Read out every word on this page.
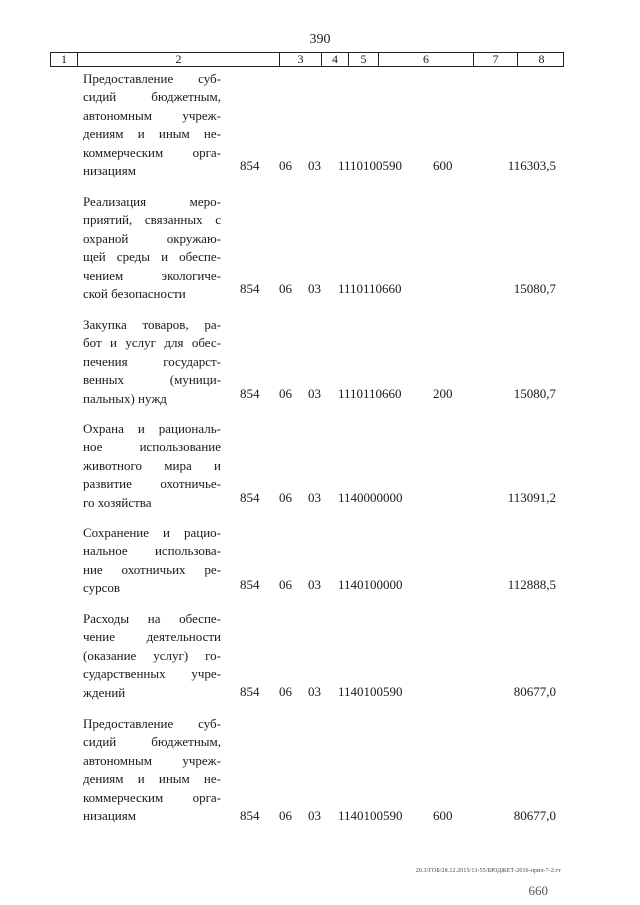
390
1	2	3	4	5	6	7	8
Предоставление суб-
сидий бюджетным,
автономным учреж-
дениям и иным не-
коммерческим орга-
низациям	854 06 03 1110100590 600	116303,5
Реализация меро-
приятий, связанных с
охраной окружаю-
щей среды и обеспе-
чением экологиче-
ской безопасности	854 06 03 1110110660	15080,7
Закупка товаров, ра-
бот и услуг для обес-
печения государст-
венных (муници-
пальных) нужд	854 06 03 1110110660 200	15080,7
Охрана и рациональ-
ное использование
животного мира и
развитие охотничье-
го хозяйства	854 06 03 1140000000	113091,2
Сохранение и рацио-
нальное использова-
ние охотничьих ре-
сурсов	854 06 03 1140100000	112888,5
Расходы на обеспе-
чение деятельности
(оказание услуг) го-
сударственных учре-
ждений	854 06 03 1140100590	80677,0
Предоставление суб-
сидий бюджетным,
автономным учреж-
дениям и иным не-
коммерческим орга-
низациям	854 06 03 1140100590 600	80677,0
20.3/ГОБ/28.12.2015/13-55/БЮДЖЕТ-2016-прил-7-2.тт
660
